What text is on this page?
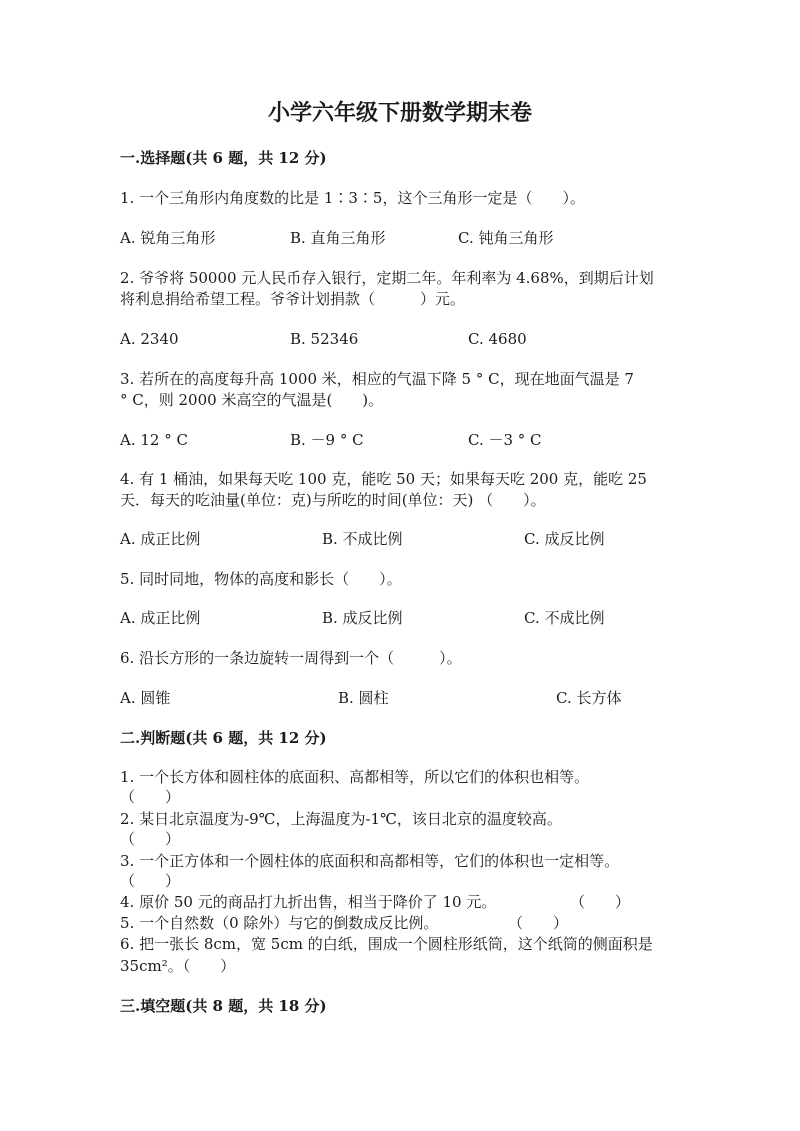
小学六年级下册数学期末卷
一.选择题(共 6 题，共 12 分)
1. 一个三角形内角度数的比是 1∶3∶5，这个三角形一定是（　　）。
A. 锐角三角形	B. 直角三角形	C. 钝角三角形
2. 爷爷将 50000 元人民币存入银行，定期二年。年利率为 4.68%，到期后计划
将利息捐给希望工程。爷爷计划捐款（　　　）元。
A. 2340	B. 52346	C. 4680
3. 若所在的高度每升高 1000 米，相应的气温下降 5 ° C，现在地面气温是 7
° C，则 2000 米高空的气温是(　　)。
A. 12 ° C	B. －9 ° C	C. －3 ° C
4. 有 1 桶油，如果每天吃 100 克，能吃 50 天；如果每天吃 200 克，能吃 25
天．每天的吃油量(单位：克)与所吃的时间(单位：天) （　　）。
A. 成正比例	B. 不成比例	C. 成反比例
5. 同时同地，物体的高度和影长（　　）。
A. 成正比例	B. 成反比例	C. 不成比例
6. 沿长方形的一条边旋转一周得到一个（　　　）。
A. 圆锥	B. 圆柱	C. 长方体
二.判断题(共 6 题，共 12 分)
1. 一个长方体和圆柱体的底面积、高都相等，所以它们的体积也相等。
（　　）
2. 某日北京温度为-9℃，上海温度为-1℃，该日北京的温度较高。
（　　）
3. 一个正方体和一个圆柱体的底面积和高都相等，它们的体积也一定相等。
（　　）
4. 原价 50 元的商品打九折出售，相当于降价了 10 元。	（　　）
5. 一个自然数（0 除外）与它的倒数成反比例。	（　　）
6. 把一张长 8cm，宽 5cm 的白纸，围成一个圆柱形纸筒，这个纸筒的侧面积是
35cm²。（　　）
三.填空题(共 8 题，共 18 分)
